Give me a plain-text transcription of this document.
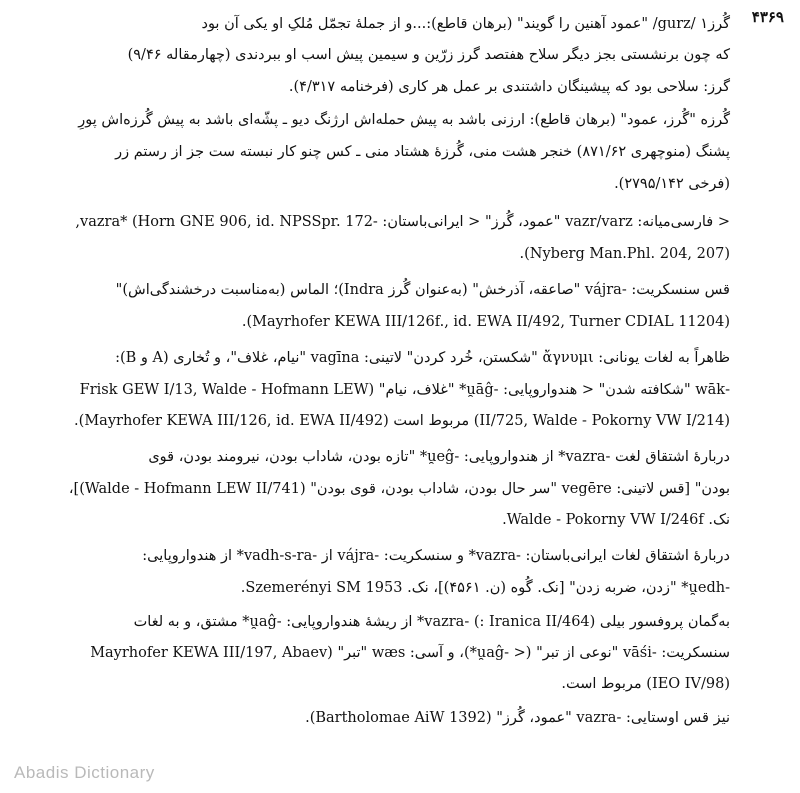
۴۳۶۹
گُرز۱ /gurz/ "عمود آهنین را گویند" (برهان قاطع):...و از جملهٔ تجمّل مُلکِ او یکی آن بود
که چون برنشستی بجز دیگر سلاح هفتصد گرز زرّین و سیمین پیش اسب او ببردندی (چهارمقاله ۹/۴۶)
گرز: سلاحی بود که پیشینگان داشتندی بر عمل هر کاری (فرخنامه ۴/۳۱۷).
گُرزه "گُرز، عمود" (برهان قاطع): ارزنی باشد به پیش حمله‌اش ارژنگ دیو ـ پشّه‌ای باشد به پیش گُرزه‌اش پورِ
پشنگ (منوچهری ۸۷۱/۶۲) خنجر هشت منی، گُرزهٔ هشتاد منی ـ کس چنو کار نبسته ست جز از رستم زر
(فرخی ۲۷۹۵/۱۴۲).
< فارسی‌میانه: vazr/varz "عمود، گُرز" < ایرانی‌باستان: -vazra* (Horn GNE 906, id. NPSSpr. 172,
(Nyberg Man.Phl. 204, 207).
قس سنسکریت: -vájra "صاعقه، آذرخش" (به‌عنوان گُرز Indra)؛ الماس (به‌مناسبت درخشندگی‌اش)"
(Mayrhofer KEWA III/126f., id. EWA II/492, Turner CDIAL 11204).
ظاهراً به لغات یونانی: ἄγνυμι "شکستن، خُرد کردن" لاتینی: vagīna "نیام، غلاف"، و تُخاری (A و B):
-wāk "شکافته شدن" < هندواروپایی: -u̯āĝ* "غلاف، نیام" (Frisk GEW I/13, Walde - Hofmann LEW
(II/725, Walde - Pokorny VW I/214) مربوط است (Mayrhofer KEWA III/126, id. EWA II/492).
دربارهٔ اشتقاق لغت -vazra* از هندواروپایی: -u̯eĝ* "تازه بودن، شاداب بودن، نیرومند بودن، قوی
بودن" [قس لاتینی: vegēre "سر حال بودن، شاداب بودن، قوی بودن" (Walde - Hofmann LEW II/741)]،
نک. Walde - Pokorny VW I/246f.
دربارهٔ اشتقاق لغات ایرانی‌باستان: -vazra* و سنسکریت: -vájra از -vadh-s-ra* از هندواروپایی:
-u̯edh* "زدن، ضربه زدن" [نک. گُوه (ن. ۴۵۶۱)]، نک. Szemerényi SM 1953.
به‌گمان پروفسور بیلی (Iranica II/464 :) -vazra* از ریشهٔ هندواروپایی: -u̯aĝ* مشتق، و به لغات
سنسکریت: -vāśi "نوعی از تبر" (< -u̯aĝ*)، و آسی: wæs "تبر" (Mayrhofer KEWA III/197, Abaev
(IEO IV/98) مربوط است.
نیز قس اوستایی: -vazra "عمود، گُرز" (Bartholomae AiW 1392).
Abadis Dictionary
